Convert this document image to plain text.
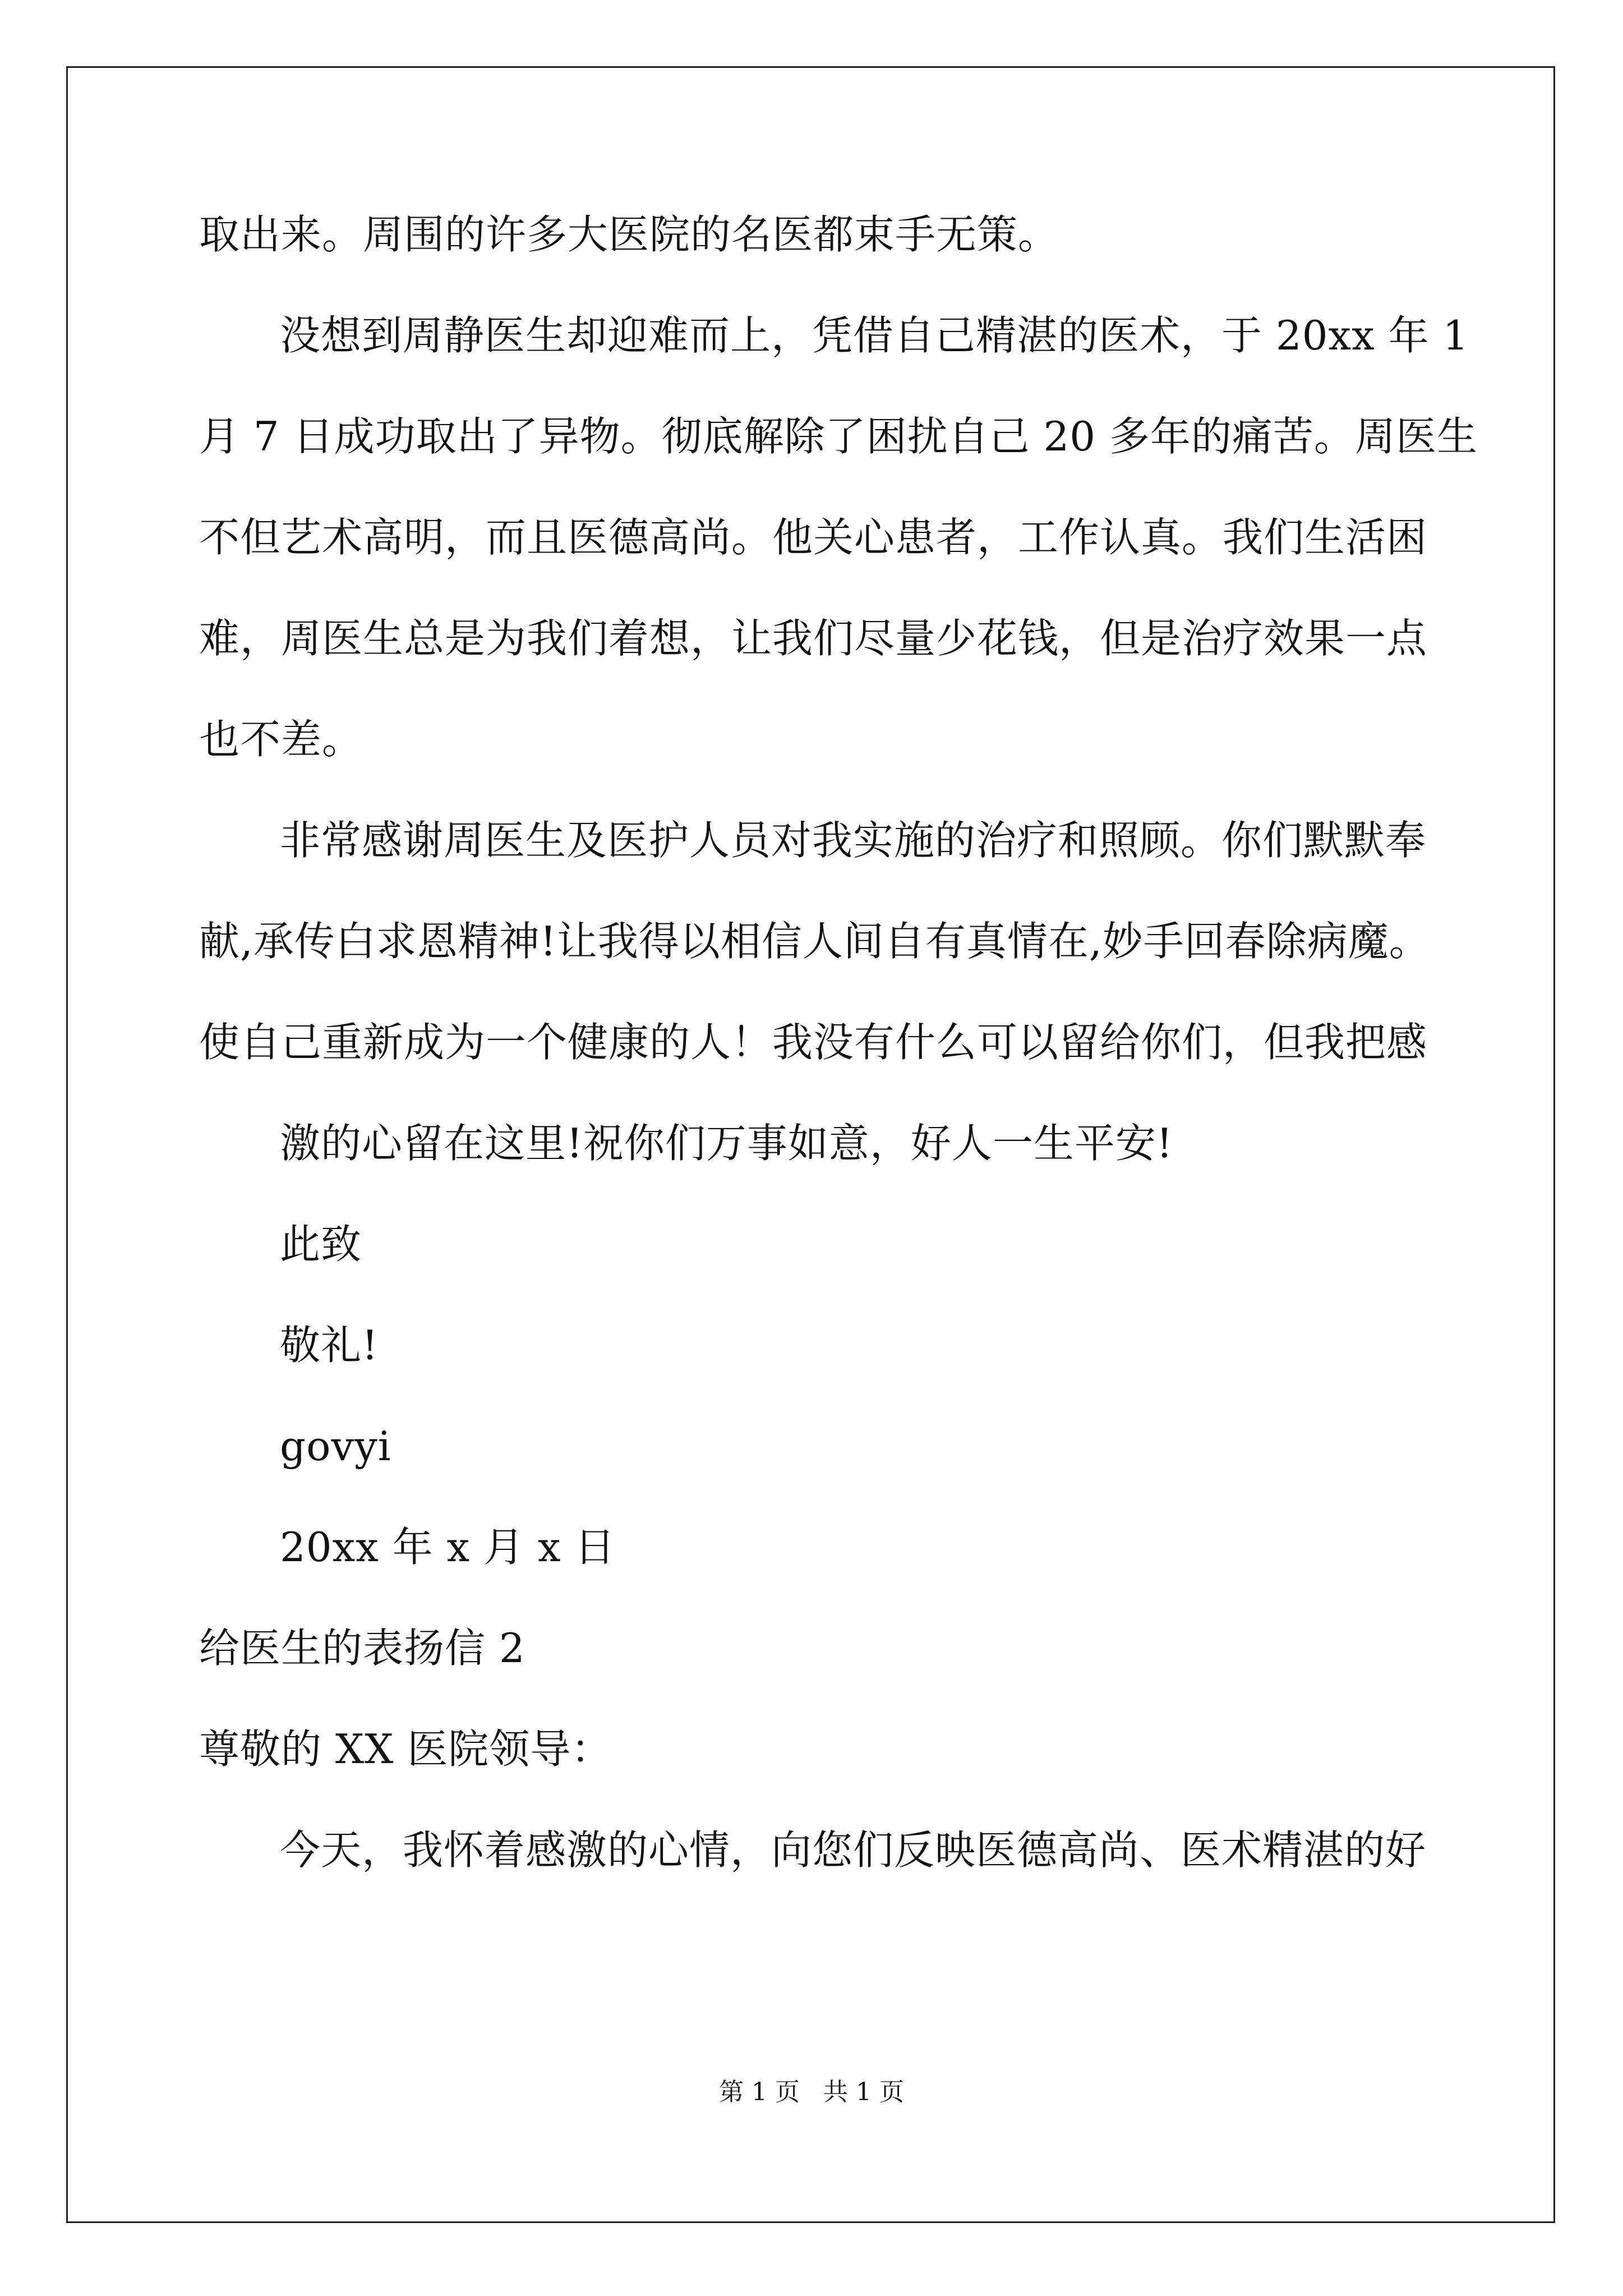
取出来。周围的许多大医院的名医都束手无策。
没想到周静医生却迎难而上，凭借自己精湛的医术，于 20xx 年 1
月 7 日成功取出了异物。彻底解除了困扰自己 20 多年的痛苦。周医生
不但艺术高明，而且医德高尚。他关心患者，工作认真。我们生活困
难，周医生总是为我们着想，让我们尽量少花钱，但是治疗效果一点
也不差。
非常感谢周医生及医护人员对我实施的治疗和照顾。你们默默奉
献,承传白求恩精神!让我得以相信人间自有真情在,妙手回春除病魔。
使自己重新成为一个健康的人！我没有什么可以留给你们，但我把感
激的心留在这里!祝你们万事如意，好人一生平安!
此致
敬礼!
govyi
20xx 年 x 月 x 日
给医生的表扬信 2
尊敬的 XX 医院领导：
今天，我怀着感激的心情，向您们反映医德高尚、医术精湛的好
第 1 页 共 1 页
